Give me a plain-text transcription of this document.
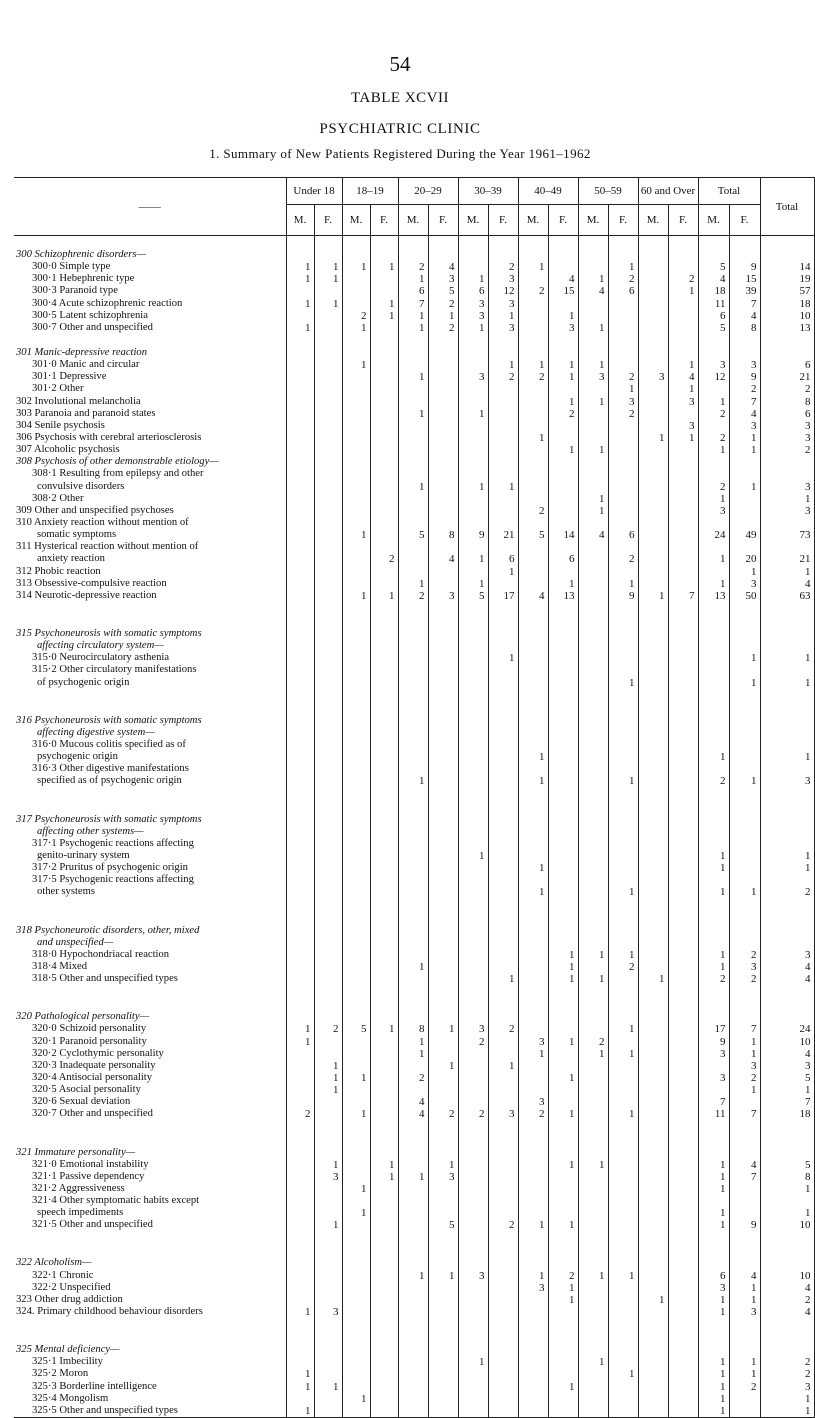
54
TABLE XCVII
PSYCHIATRIC CLINIC
1. Summary of New Patients Registered During the Year 1961–1962
——	Under 18		18–19		20–29		30–39		40–49		50–59		60 and Over		Total		Total
	M.	F.	M.	F.	M.	F.	M.	F.	M.	F.	M.	F.	M.	F.	M.	F.	

300 Schizophrenic disorders—																	
300·0 Simple type	1	1	1	1	2	4		2	1			1			5	9	14
300·1 Hebephrenic type	1	1			1	3	1	3		4	1	2		2	4	15	19
300·3 Paranoid type					6	5	6	12	2	15	4	6		1	18	39	57
300·4 Acute schizophrenic reaction	1	1		1	7	2	3	3							11	7	18
300·5 Latent schizophrenia			2	1	1	1	3	1		1					6	4	10
300·7 Other and unspecified	1		1		1	2	1	3		3	1				5	8	13

301 Manic-depressive reaction																	
301·0 Manic and circular			1					1	1	1	1			1	3	3	6
301·1 Depressive					1		3	2	2	1	3	2	3	4	12	9	21
301·2 Other												1		1		2	2
302 Involutional melancholia										1	1	3		3	1	7	8
303 Paranoia and paranoid states					1		1			2		2			2	4	6
304 Senile psychosis														3		3	3
306 Psychosis with cerebral arteriosclerosis									1				1	1	2	1	3
307 Alcoholic psychosis										1	1				1	1	2
308 Psychosis of other demonstrable etiology—																	
308·1 Resulting from epilepsy and other																	
convulsive disorders					1		1	1							2	1	3
308·2 Other											1				1		1
309 Other and unspecified psychoses									2		1				3		3
310 Anxiety reaction without mention of																	
somatic symptoms			1		5	8	9	21	5	14	4	6			24	49	73
311 Hysterical reaction without mention of																	
anxiety reaction				2		4	1	6		6		2			1	20	21
312 Phobic reaction								1								1	1
313 Obsessive-compulsive reaction					1		1			1		1			1	3	4
314 Neurotic-depressive reaction			1	1	2	3	5	17	4	13		9	1	7	13	50	63

315 Psychoneurosis with somatic symptoms																	
affecting circulatory system—																	
315·0 Neurocirculatory asthenia								1								1	1
315·2 Other circulatory manifestations																	
of psychogenic origin												1				1	1

316 Psychoneurosis with somatic symptoms																	
affecting digestive system—																	
316·0 Mucous colitis specified as of																	
psychogenic origin									1						1		1
316·3 Other digestive manifestations																	
specified as of psychogenic origin					1				1			1			2	1	3

317 Psychoneurosis with somatic symptoms																	
affecting other systems—																	
317·1 Psychogenic reactions affecting																	
genito-urinary system							1								1		1
317·2 Pruritus of psychogenic origin									1						1		1
317·5 Psychogenic reactions affecting																	
other systems									1			1			1	1	2

318 Psychoneurotic disorders, other, mixed																	
and unspecified—																	
318·0 Hypochondriacal reaction										1	1	1			1	2	3
318·4 Mixed					1					1		2			1	3	4
318·5 Other and unspecified types								1		1	1		1		2	2	4

320 Pathological personality—																	
320·0 Schizoid personality	1	2	5	1	8	1	3	2				1			17	7	24
320·1 Paranoid personality	1				1		2		3	1	2				9	1	10
320·2 Cyclothymic personality					1				1		1	1			3	1	4
320·3 Inadequate personality		1				1		1								3	3
320·4 Antisocial personality		1	1		2					1					3	2	5
320·5 Asocial personality		1														1	1
320·6 Sexual deviation					4				3						7		7
320·7 Other and unspecified	2		1		4	2	2	3	2	1		1			11	7	18

321 Immature personality—																	
321·0 Emotional instability		1		1		1				1	1				1	4	5
321·1 Passive dependency		3		1	1	3									1	7	8
321·2 Aggressiveness			1												1		1
321·4 Other symptomatic habits except																	
speech impediments			1												1		1
321·5 Other and unspecified		1				5		2	1	1					1	9	10

322 Alcoholism—																	
322·1 Chronic					1	1	3		1	2	1	1			6	4	10
322·2 Unspecified									3	1					3	1	4
323 Other drug addiction										1			1		1	1	2
324. Primary childhood behaviour disorders	1	3													1	3	4

325 Mental deficiency—																	
325·1 Imbecility							1				1				1	1	2
325·2 Moron	1											1			1	1	2
325·3 Borderline intelligence	1	1								1					1	2	3
325·4 Mongolism			1												1		1
325·5 Other and unspecified types	1														1		1
